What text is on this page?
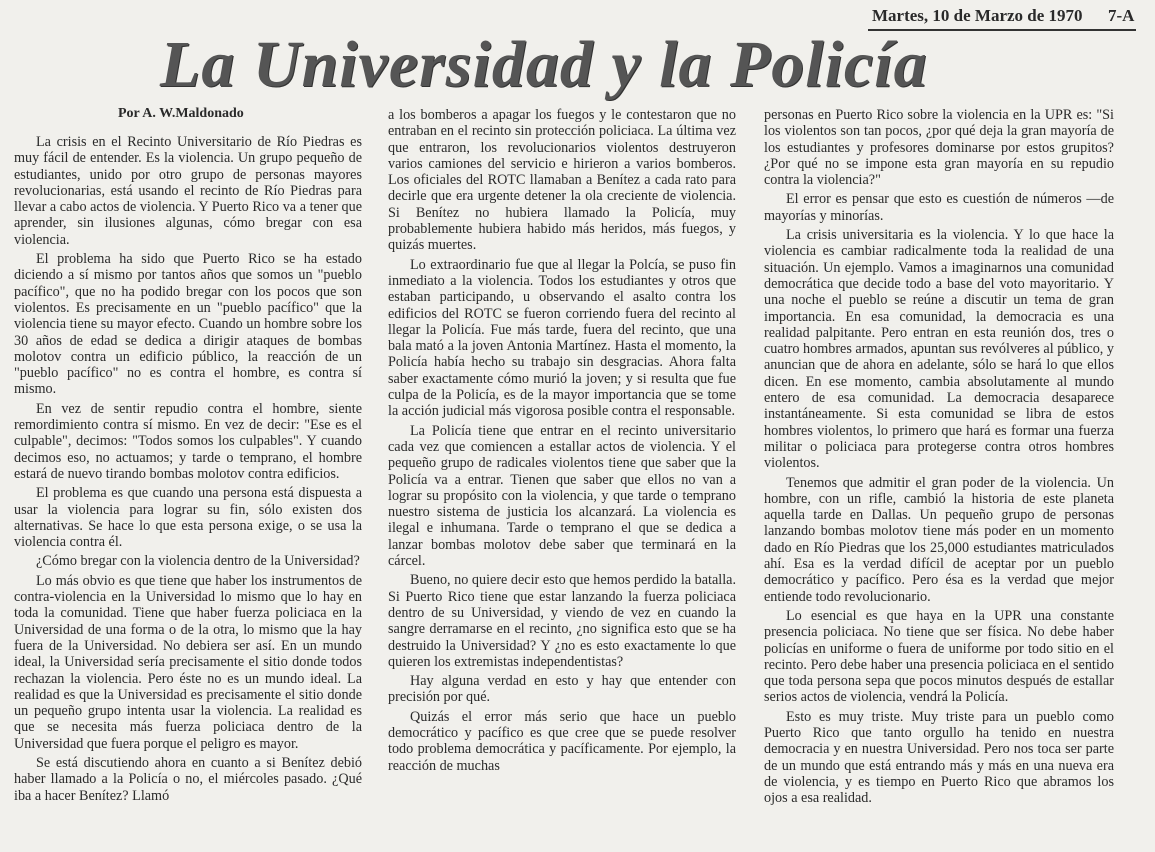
Martes, 10 de Marzo de 1970 7-A
La Universidad y la Policía
Por A. W.Maldonado

La crisis en el Recinto Universitario de Río Piedras es muy fácil de entender. Es la violencia. Un grupo pequeño de estudiantes, unido por otro grupo de personas mayores revolucionarias, está usando el recinto de Río Piedras para llevar a cabo actos de violencia. Y Puerto Rico va a tener que aprender, sin ilusiones algunas, cómo bregar con esa violencia.

El problema ha sido que Puerto Rico se ha estado diciendo a sí mismo por tantos años que somos un "pueblo pacífico", que no ha podido bregar con los pocos que son violentos. Es precisamente en un "pueblo pacífico" que la violencia tiene su mayor efecto. Cuando un hombre sobre los 30 años de edad se dedica a dirigir ataques de bombas molotov contra un edificio público, la reacción de un "pueblo pacífico" no es contra el hombre, es contra sí mismo.

En vez de sentir repudio contra el hombre, siente remordimiento contra sí mismo. En vez de decir: "Ese es el culpable", decimos: "Todos somos los culpables". Y cuando decimos eso, no actuamos; y tarde o temprano, el hombre estará de nuevo tirando bombas molotov contra edificios.

El problema es que cuando una persona está dispuesta a usar la violencia para lograr su fin, sólo existen dos alternativas. Se hace lo que esta persona exige, o se usa la violencia contra él.

¿Cómo bregar con la violencia dentro de la Universidad?

Lo más obvio es que tiene que haber los instrumentos de contra-violencia en la Universidad lo mismo que lo hay en toda la comunidad. Tiene que haber fuerza policiaca en la Universidad de una forma o de la otra, lo mismo que la hay fuera de la Universidad. No debiera ser así. En un mundo ideal, la Universidad sería precisamente el sitio donde todos rechazan la violencia. Pero éste no es un mundo ideal. La realidad es que la Universidad es precisamente el sitio donde un pequeño grupo intenta usar la violencia. La realidad es que se necesita más fuerza policiaca dentro de la Universidad que fuera porque el peligro es mayor.

Se está discutiendo ahora en cuanto a si Benítez debió haber llamado a la Policía o no, el miércoles pasado. ¿Qué iba a hacer Benítez? Llamó

a los bomberos a apagar los fuegos y le contestaron que no entraban en el recinto sin protección policiaca. La última vez que entraron, los revolucionarios violentos destruyeron varios camiones del servicio e hirieron a varios bomberos. Los oficiales del ROTC llamaban a Benítez a cada rato para decirle que era urgente detener la ola creciente de violencia. Si Benítez no hubiera llamado la Policía, muy probablemente hubiera habido más heridos, más fuegos, y quizás muertes.

Lo extraordinario fue que al llegar la Polcía, se puso fin inmediato a la violencia. Todos los estudiantes y otros que estaban participando, u observando el asalto contra los edificios del ROTC se fueron corriendo fuera del recinto al llegar la Policía. Fue más tarde, fuera del recinto, que una bala mató a la joven Antonia Martínez. Hasta el momento, la Policía había hecho su trabajo sin desgracias. Ahora falta saber exactamente cómo murió la joven; y si resulta que fue culpa de la Policía, es de la mayor importancia que se tome la acción judicial más vigorosa posible contra el responsable.

La Policía tiene que entrar en el recinto universitario cada vez que comiencen a estallar actos de violencia. Y el pequeño grupo de radicales violentos tiene que saber que la Policía va a entrar. Tienen que saber que ellos no van a lograr su propósito con la violencia, y que tarde o temprano nuestro sistema de justicia los alcanzará. La violencia es ilegal e inhumana. Tarde o temprano el que se dedica a lanzar bombas molotov debe saber que terminará en la cárcel.

Bueno, no quiere decir esto que hemos perdido la batalla. Si Puerto Rico tiene que estar lanzando la fuerza policiaca dentro de su Universidad, y viendo de vez en cuando la sangre derramarse en el recinto, ¿no significa esto que se ha destruido la Universidad? Y ¿no es esto exactamente lo que quieren los extremistas independentistas?

Hay alguna verdad en esto y hay que entender con precisión por qué.

Quizás el error más serio que hace un pueblo democrático y pacífico es que cree que se puede resolver todo problema democrática y pacíficamente. Por ejemplo, la reacción de muchas

personas en Puerto Rico sobre la violencia en la UPR es: "Si los violentos son tan pocos, ¿por qué deja la gran mayoría de los estudiantes y profesores dominarse por estos grupitos? ¿Por qué no se impone esta gran mayoría en su repudio contra la violencia?"

El error es pensar que esto es cuestión de números —de mayorías y minorías.

La crisis universitaria es la violencia. Y lo que hace la violencia es cambiar radicalmente toda la realidad de una situación. Un ejemplo. Vamos a imaginarnos una comunidad democrática que decide todo a base del voto mayoritario. Y una noche el pueblo se reúne a discutir un tema de gran importancia. En esa comunidad, la democracia es una realidad palpitante. Pero entran en esta reunión dos, tres o cuatro hombres armados, apuntan sus revólveres al público, y anuncian que de ahora en adelante, sólo se hará lo que ellos dicen. En ese momento, cambia absolutamente al mundo entero de esa comunidad. La democracia desaparece instantáneamente. Si esta comunidad se libra de estos hombres violentos, lo primero que hará es formar una fuerza militar o policiaca para protegerse contra otros hombres violentos.

Tenemos que admitir el gran poder de la violencia. Un hombre, con un rifle, cambió la historia de este planeta aquella tarde en Dallas. Un pequeño grupo de personas lanzando bombas molotov tiene más poder en un momento dado en Río Piedras que los 25,000 estudiantes matriculados ahí. Esa es la verdad difícil de aceptar por un pueblo democrático y pacífico. Pero ésa es la verdad que mejor entiende todo revolucionario.

Lo esencial es que haya en la UPR una constante presencia policiaca. No tiene que ser física. No debe haber policías en uniforme o fuera de uniforme por todo sitio en el recinto. Pero debe haber una presencia policiaca en el sentido que toda persona sepa que pocos minutos después de estallar serios actos de violencia, vendrá la Policía.

Esto es muy triste. Muy triste para un pueblo como Puerto Rico que tanto orgullo ha tenido en nuestra democracia y en nuestra Universidad. Pero nos toca ser parte de un mundo que está entrando más y más en una nueva era de violencia, y es tiempo en Puerto Rico que abramos los ojos a esa realidad.
